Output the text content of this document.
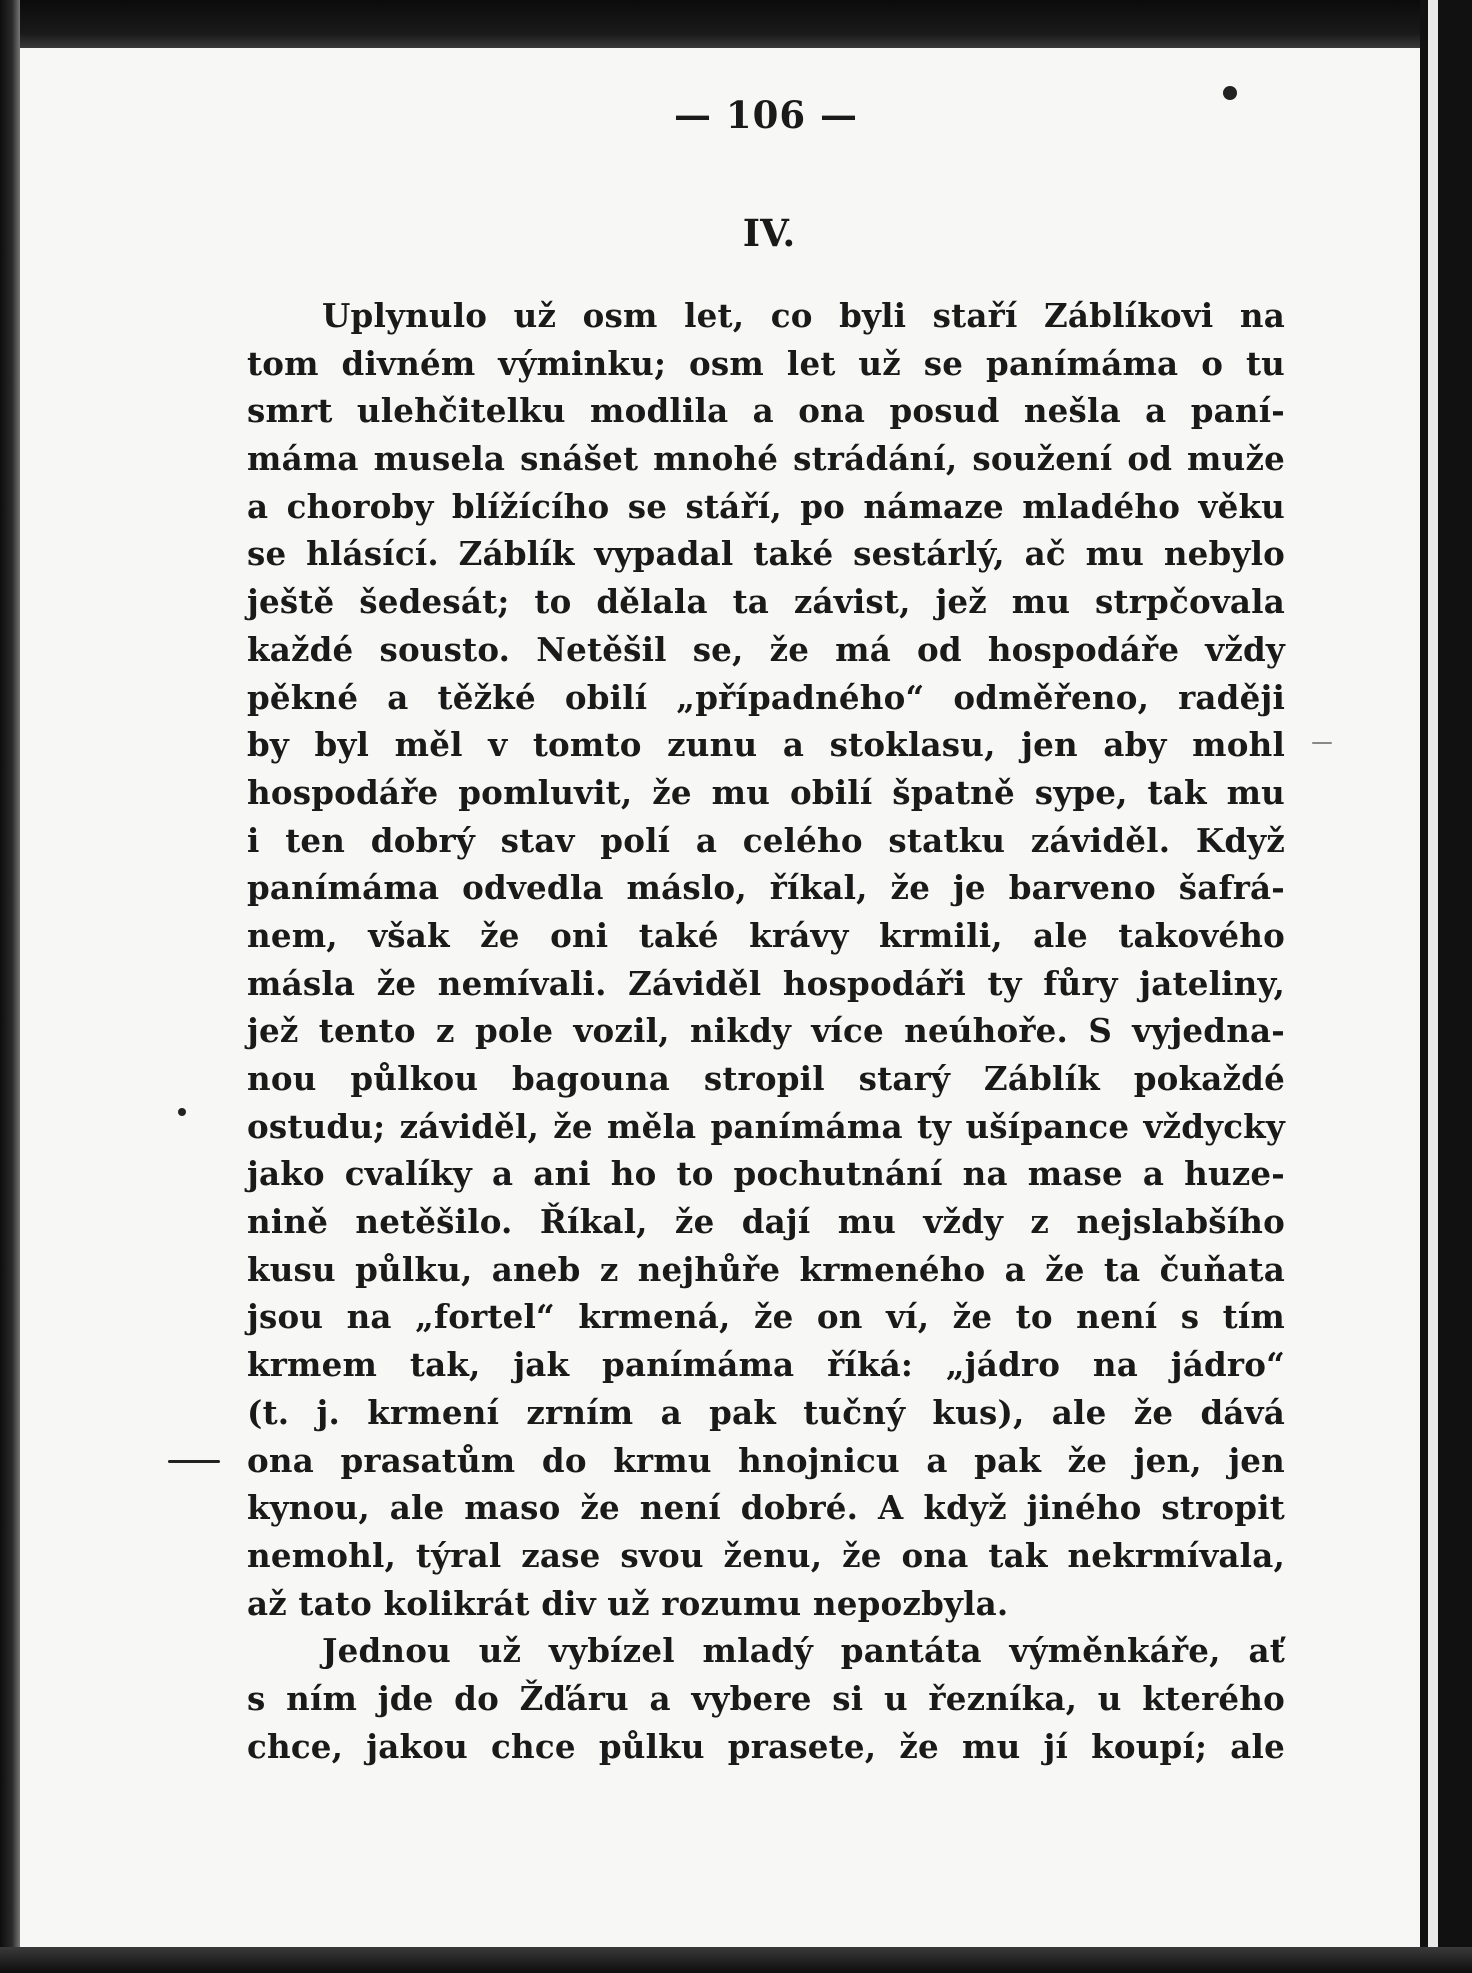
— 106 —
IV.
Uplynulo už osm let, co byli staří Záblíkovi na
tom divném výminku; osm let už se panímáma o tu
smrt ulehčitelku modlila a ona posud nešla a paní-
máma musela snášet mnohé strádání, soužení od muže
a choroby blížícího se stáří, po námaze mladého věku
se hlásící. Záblík vypadal také sestárlý, ač mu nebylo
ještě šedesát; to dělala ta závist, jež mu strpčovala
každé sousto. Netěšil se, že má od hospodáře vždy
pěkné a těžké obilí „případného“ odměřeno, raději
by byl měl v tomto zunu a stoklasu, jen aby mohl
hospodáře pomluvit, že mu obilí špatně sype, tak mu
i ten dobrý stav polí a celého statku záviděl. Když
panímáma odvedla máslo, říkal, že je barveno šafrá-
nem, však že oni také krávy krmili, ale takového
másla že nemívali. Záviděl hospodáři ty fůry jateliny,
jež tento z pole vozil, nikdy více neúhoře. S vyjedna-
nou půlkou bagouna stropil starý Záblík pokaždé
ostudu; záviděl, že měla panímáma ty ušípance vždycky
jako cvalíky a ani ho to pochutnání na mase a huze-
nině netěšilo. Říkal, že dají mu vždy z nejslabšího
kusu půlku, aneb z nejhůře krmeného a že ta čuňata
jsou na „fortel“ krmená, že on ví, že to není s tím
krmem tak, jak panímáma říká: „jádro na jádro“
(t. j. krmení zrním a pak tučný kus), ale že dává
ona prasatům do krmu hnojnicu a pak že jen, jen
kynou, ale maso že není dobré. A když jiného stropit
nemohl, týral zase svou ženu, že ona tak nekrmívala,
až tato kolikrát div už rozumu nepozbyla.
Jednou už vybízel mladý pantáta výměnkáře, ať
s ním jde do Žďáru a vybere si u řezníka, u kterého
chce, jakou chce půlku prasete, že mu jí koupí; ale
